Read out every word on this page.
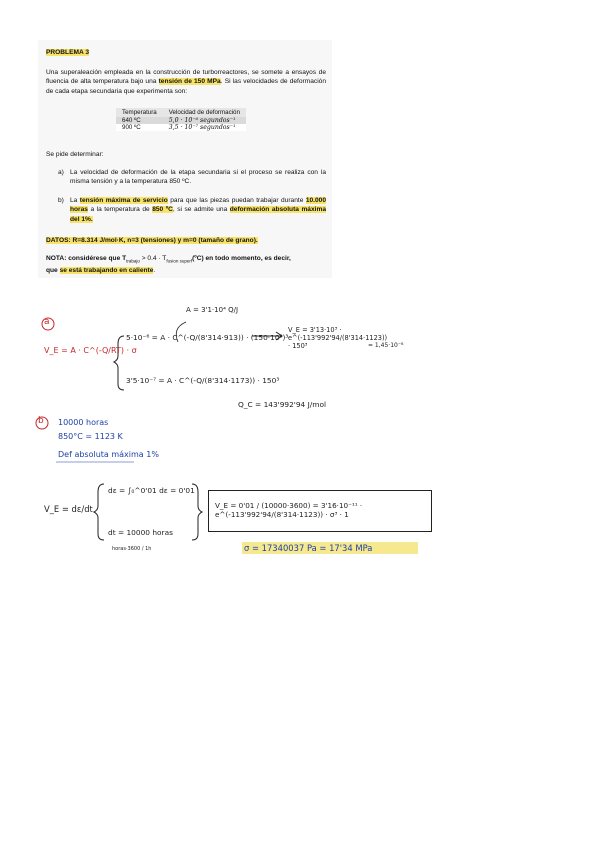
PROBLEMA 3
Una superaleación empleada en la construcción de turborreactores, se somete a ensayos de fluencia de alta temperatura bajo una tensión de 150 MPa. Si las velocidades de deformación de cada etapa secundaria que experimenta son:
Temperatura	Velocidad de deformación
640 ºC	5,0 · 10⁻⁶ segundos⁻¹
900 ºC	3,5 · 10⁻⁷ segundos⁻¹
Se pide determinar:
a) La velocidad de deformación de la etapa secundaria si el proceso se realiza con la misma tensión y a la temperatura 850 ºC.
b) La tensión máxima de servicio para que las piezas puedan trabajar durante 10.000 horas a la temperatura de 850 ºC, si se admite una deformación absoluta máxima del 1%.
DATOS: R=8.314 J/mol·K, n=3 (tensiones) y m=0 (tamaño de grano).
NOTA: considérese que $T_{trabajo} > 0.4$ · $T_{fusion superf}(ºC)$ en todo momento, es decir,
que se está trabajando en caliente.
a
A = 3'1·10⁴ Q/J
V_E = A · C^(-Q/RT) · σ
5·10⁻⁶ = A · C^(-Q/(8'314·913)) · (150·10⁶)³
3'5·10⁻⁷ = A · C^(-Q/(8'314·1173)) · 150³
V_E = 3'13·10³ · e^(-113'992'94/(8'314·1123)) · 150³	= 1,45·10⁻⁸
Q_C = 143'992'94 J/mol
b 10000 horas
850°C = 1123 K
Def absoluta máxima 1%
V_E = dε/dt
dε = ∫₀^0'01 dε = 0'01
dt = 10000 horas
horas·3600 / 1h
V_E = 0'01 / (10000·3600) = 3'16·10⁻¹¹ · e^(-113'992'94/(8'314·1123)) · σ³ · 1
σ = 17340037 Pa = 17'34 MPa
